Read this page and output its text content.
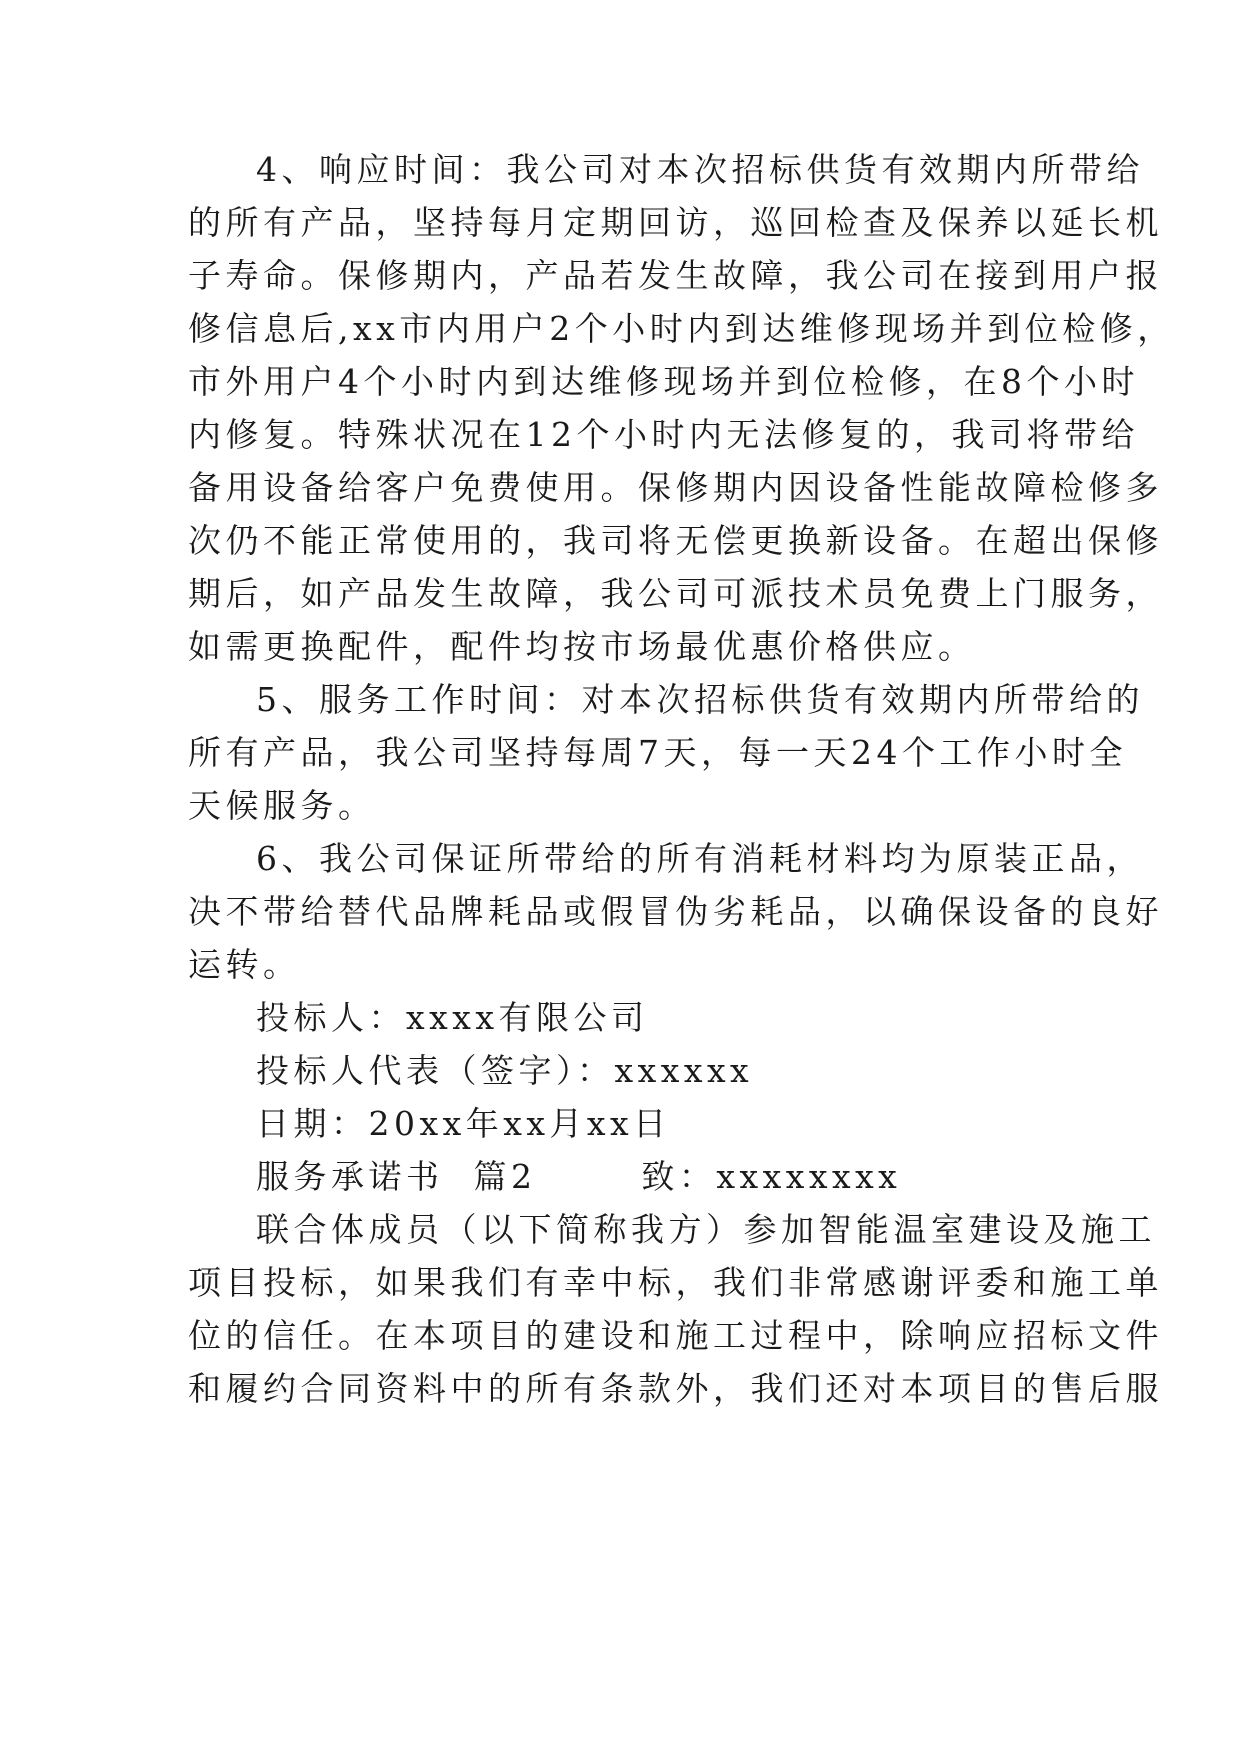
4、响应时间：我公司对本次招标供货有效期内所带给
的所有产品，坚持每月定期回访，巡回检查及保养以延长机
子寿命。保修期内，产品若发生故障，我公司在接到用户报
修信息后,xx市内用户2个小时内到达维修现场并到位检修，
市外用户4个小时内到达维修现场并到位检修，在8个小时
内修复。特殊状况在12个小时内无法修复的，我司将带给
备用设备给客户免费使用。保修期内因设备性能故障检修多
次仍不能正常使用的，我司将无偿更换新设备。在超出保修
期后，如产品发生故障，我公司可派技术员免费上门服务，
如需更换配件，配件均按市场最优惠价格供应。
5、服务工作时间：对本次招标供货有效期内所带给的
所有产品，我公司坚持每周7天，每一天24个工作小时全
天候服务。
6、我公司保证所带给的所有消耗材料均为原装正品，
决不带给替代品牌耗品或假冒伪劣耗品，以确保设备的良好
运转。
投标人：xxxx有限公司
投标人代表（签字）：xxxxxx
日期：20xx年xx月xx日
服务承诺书  篇2       致：xxxxxxxx
联合体成员（以下简称我方）参加智能温室建设及施工
项目投标，如果我们有幸中标，我们非常感谢评委和施工单
位的信任。在本项目的建设和施工过程中，除响应招标文件
和履约合同资料中的所有条款外，我们还对本项目的售后服
